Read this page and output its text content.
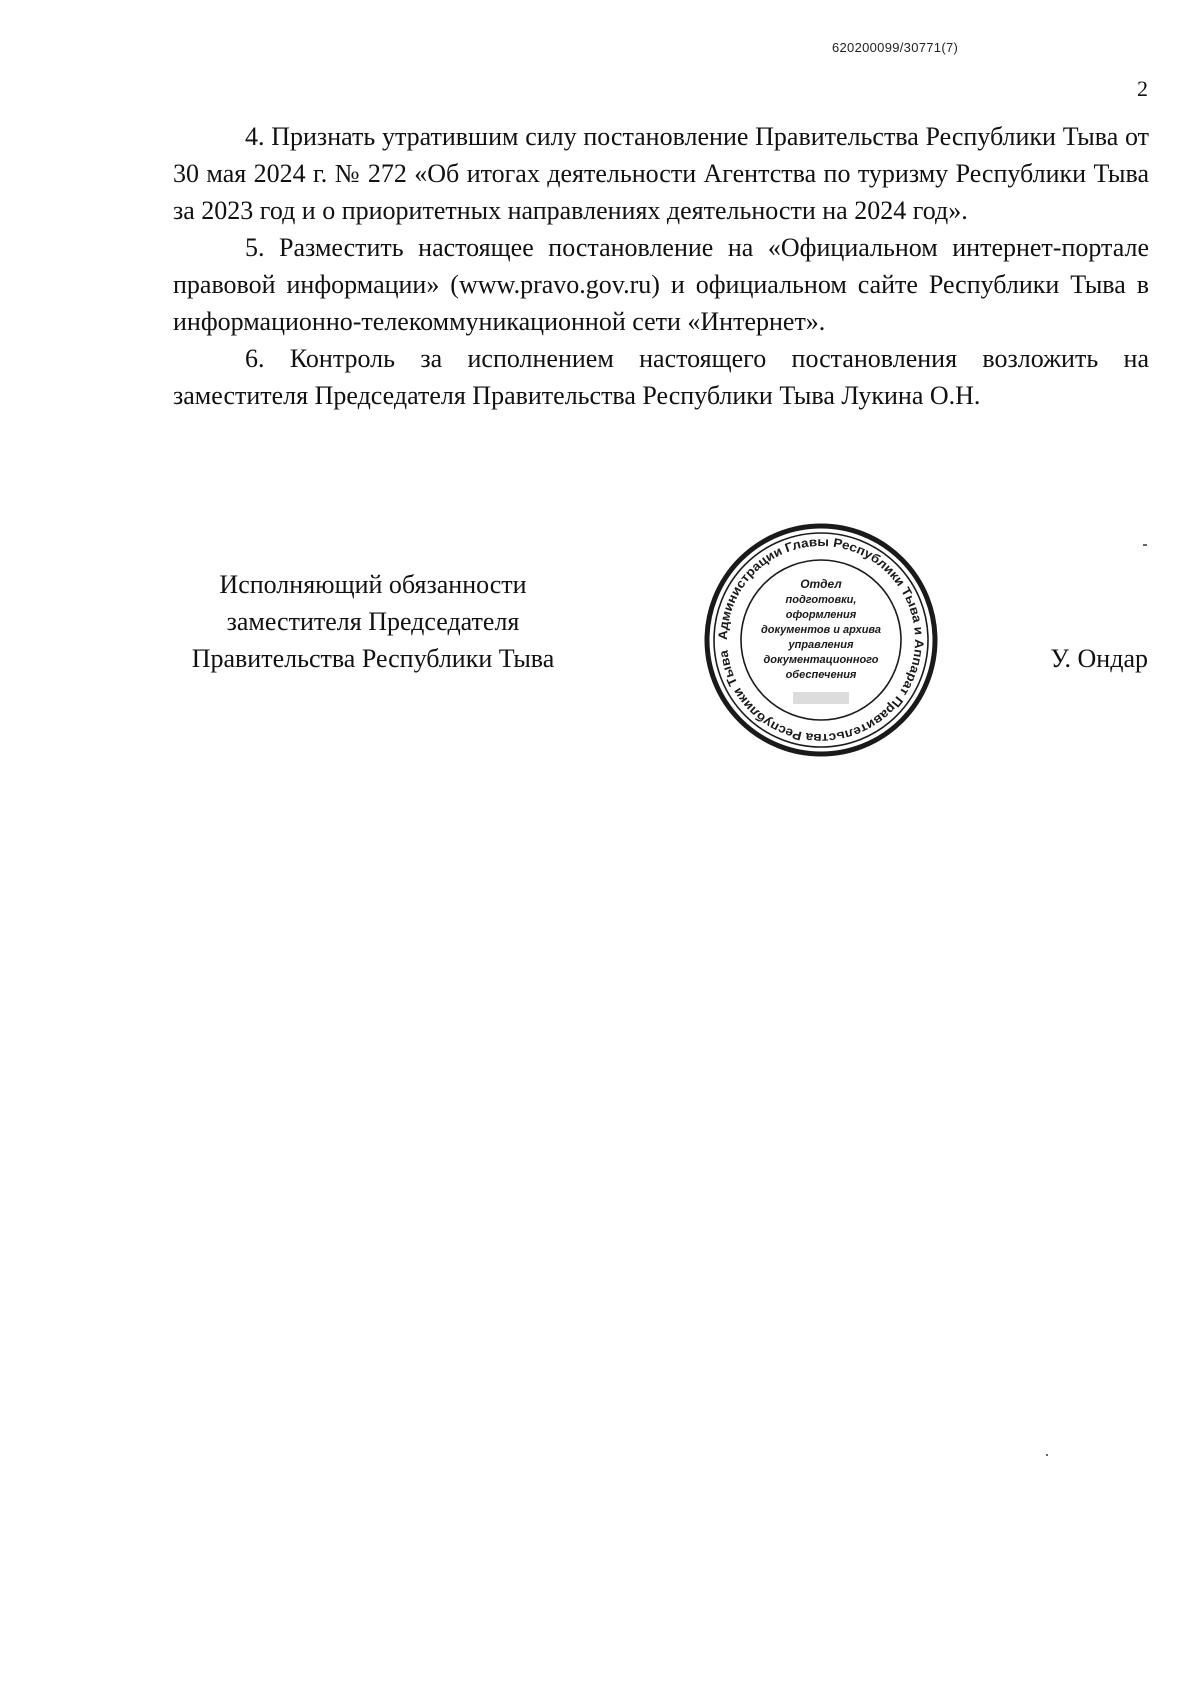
620200099/30771(7)
2

4. Признать утратившим силу постановление Правительства Республики Тыва от 30 мая 2024 г. № 272 «Об итогах деятельности Агентства по туризму Республики Тыва за 2023 год и о приоритетных направлениях деятельности на 2024 год».

5. Разместить настоящее постановление на «Официальном интернет-портале правовой информации» (www.pravo.gov.ru) и официальном сайте Республики Тыва в информационно-телекоммуникационной сети «Интернет».

6. Контроль за исполнением настоящего постановления возложить на заместителя Председателя Правительства Республики Тыва Лукина О.Н.

Исполняющий обязанности
заместителя Председателя
Правительства Республики Тыва	У. Ондар
Администрации Главы Республики Тыва и Аппарат Правительства Республики Тыва
Отдел
подготовки,
оформления
документов и архива
управления
документационного
обеспечения
